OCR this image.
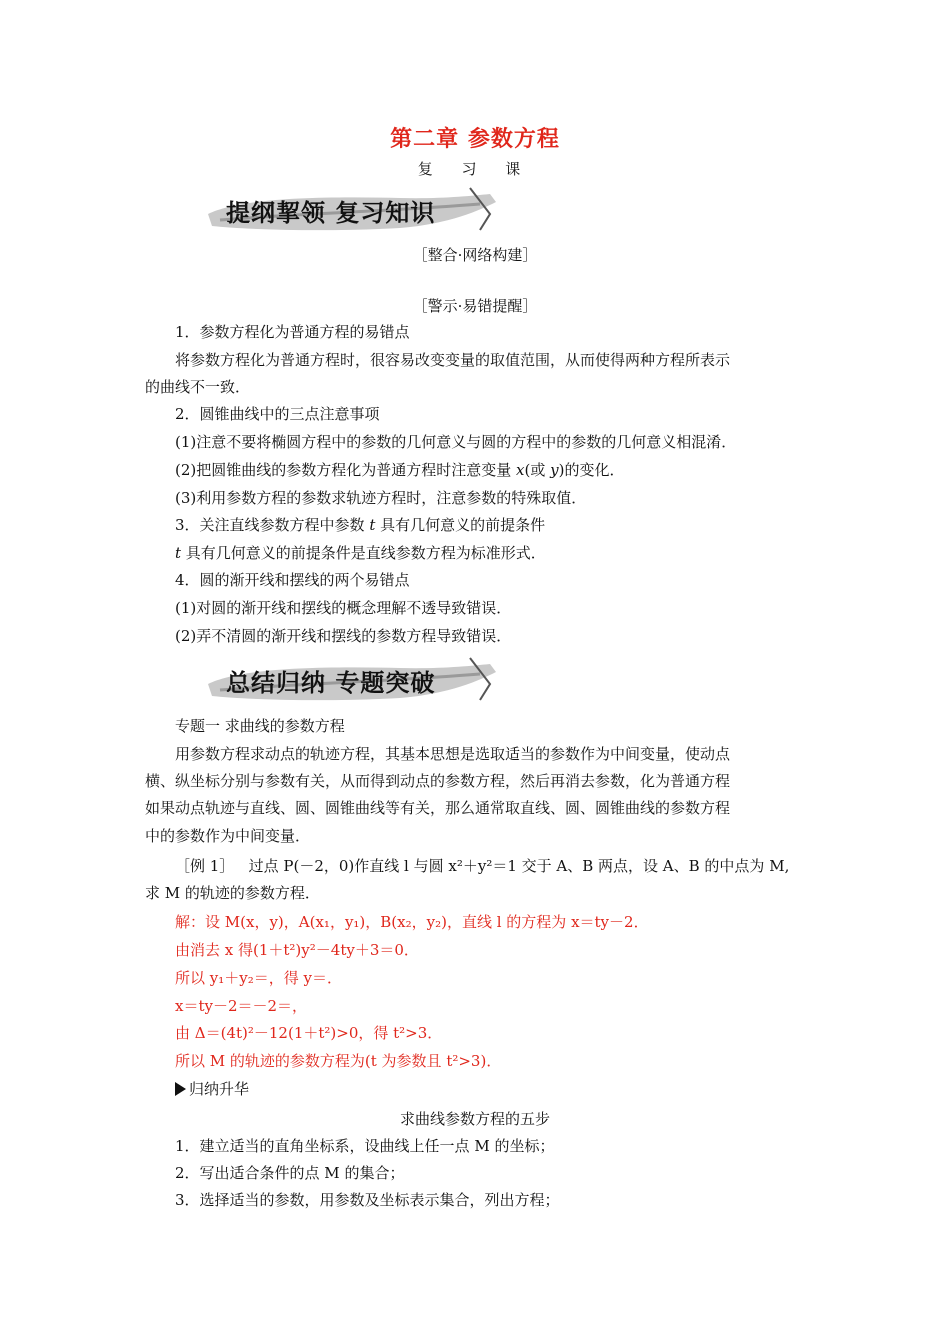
第二章 参数方程
复 习 课
提纲挈领 复习知识
［整合·网络构建］
［警示·易错提醒］
1．参数方程化为普通方程的易错点
将参数方程化为普通方程时，很容易改变变量的取值范围，从而使得两种方程所表示
的曲线不一致．
2．圆锥曲线中的三点注意事项
(1)注意不要将椭圆方程中的参数的几何意义与圆的方程中的参数的几何意义相混淆．
(2)把圆锥曲线的参数方程化为普通方程时注意变量 x(或 y)的变化．
(3)利用参数方程的参数求轨迹方程时，注意参数的特殊取值．
3．关注直线参数方程中参数 t 具有几何意义的前提条件
t 具有几何意义的前提条件是直线参数方程为标准形式．
4．圆的渐开线和摆线的两个易错点
(1)对圆的渐开线和摆线的概念理解不透导致错误．
(2)弄不清圆的渐开线和摆线的参数方程导致错误．
总结归纳 专题突破
专题一 求曲线的参数方程
用参数方程求动点的轨迹方程，其基本思想是选取适当的参数作为中间变量，使动点
横、纵坐标分别与参数有关，从而得到动点的参数方程，然后再消去参数，化为普通方程
如果动点轨迹与直线、圆、圆锥曲线等有关，那么通常取直线、圆、圆锥曲线的参数方程
中的参数作为中间变量．
［例 1］ 过点 P(－2，0)作直线 l 与圆 x²＋y²＝1 交于 A、B 两点，设 A、B 的中点为 M,
求 M 的轨迹的参数方程．
解：设 M(x，y)，A(x₁，y₁)，B(x₂，y₂)，直线 l 的方程为 x＝ty－2．
由消去 x 得(1＋t²)y²－4ty＋3＝0．
所以 y₁＋y₂＝，得 y＝．
x＝ty－2＝－2＝，
由 Δ＝(4t)²－12(1＋t²)>0，得 t²>3．
所以 M 的轨迹的参数方程为(t 为参数且 t²>3)．
归纳升华
求曲线参数方程的五步
1．建立适当的直角坐标系，设曲线上任一点 M 的坐标；
2．写出适合条件的点 M 的集合；
3．选择适当的参数，用参数及坐标表示集合，列出方程；
